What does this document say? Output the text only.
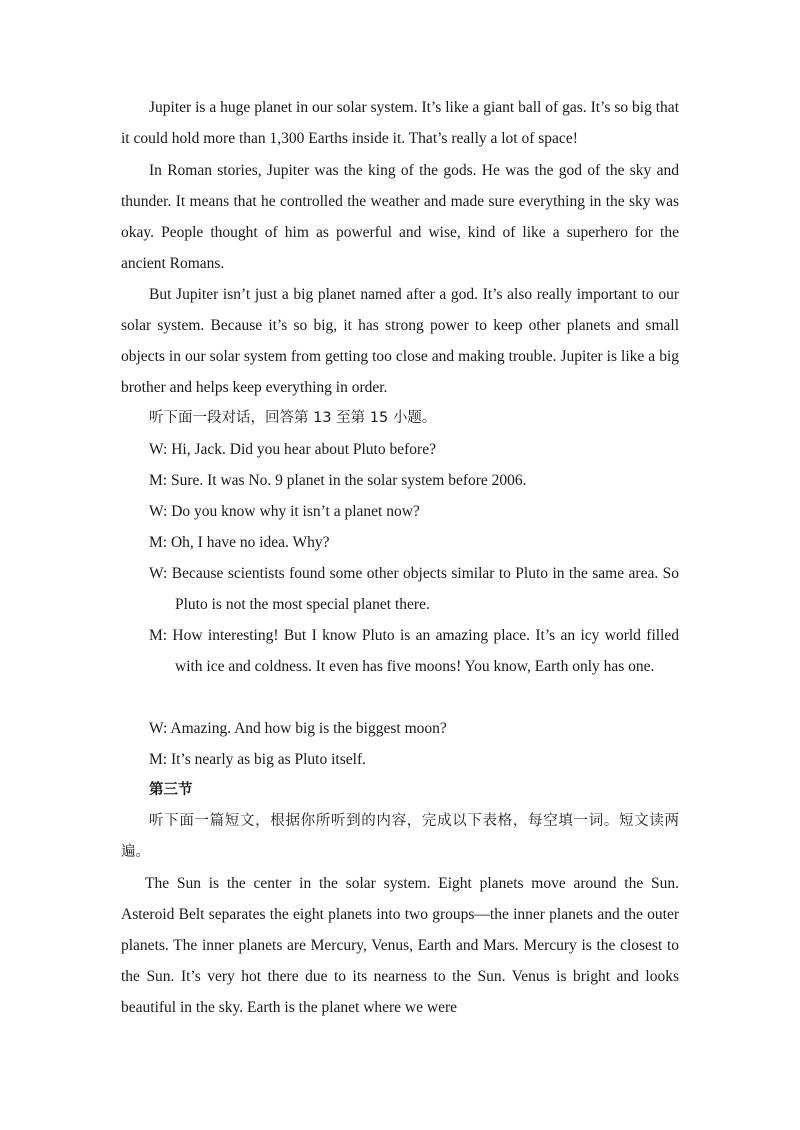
Jupiter is a huge planet in our solar system. It’s like a giant ball of gas. It’s so big that it could hold more than 1,300 Earths inside it. That’s really a lot of space!

In Roman stories, Jupiter was the king of the gods. He was the god of the sky and thunder. It means that he controlled the weather and made sure everything in the sky was okay. People thought of him as powerful and wise, kind of like a superhero for the ancient Romans.

But Jupiter isn’t just a big planet named after a god. It’s also really important to our solar system. Because it’s so big, it has strong power to keep other planets and small objects in our solar system from getting too close and making trouble. Jupiter is like a big brother and helps keep everything in order.

听下面一段对话，回答第 13 至第 15 小题。

W: Hi, Jack. Did you hear about Pluto before?

M: Sure. It was No. 9 planet in the solar system before 2006.

W: Do you know why it isn’t a planet now?

M: Oh, I have no idea. Why?

W: Because scientists found some other objects similar to Pluto in the same area. So Pluto is not the most special planet there.

M: How interesting! But I know Pluto is an amazing place. It’s an icy world filled with ice and coldness. It even has five moons! You know, Earth only has one.

W: Amazing. And how big is the biggest moon?

M: It’s nearly as big as Pluto itself.

第三节

听下面一篇短文，根据你所听到的内容，完成以下表格，每空填一词。短文读两遍。

The Sun is the center in the solar system. Eight planets move around the Sun. Asteroid Belt separates the eight planets into two groups—the inner planets and the outer planets. The inner planets are Mercury, Venus, Earth and Mars. Mercury is the closest to the Sun. It’s very hot there due to its nearness to the Sun. Venus is bright and looks beautiful in the sky. Earth is the planet where we were
